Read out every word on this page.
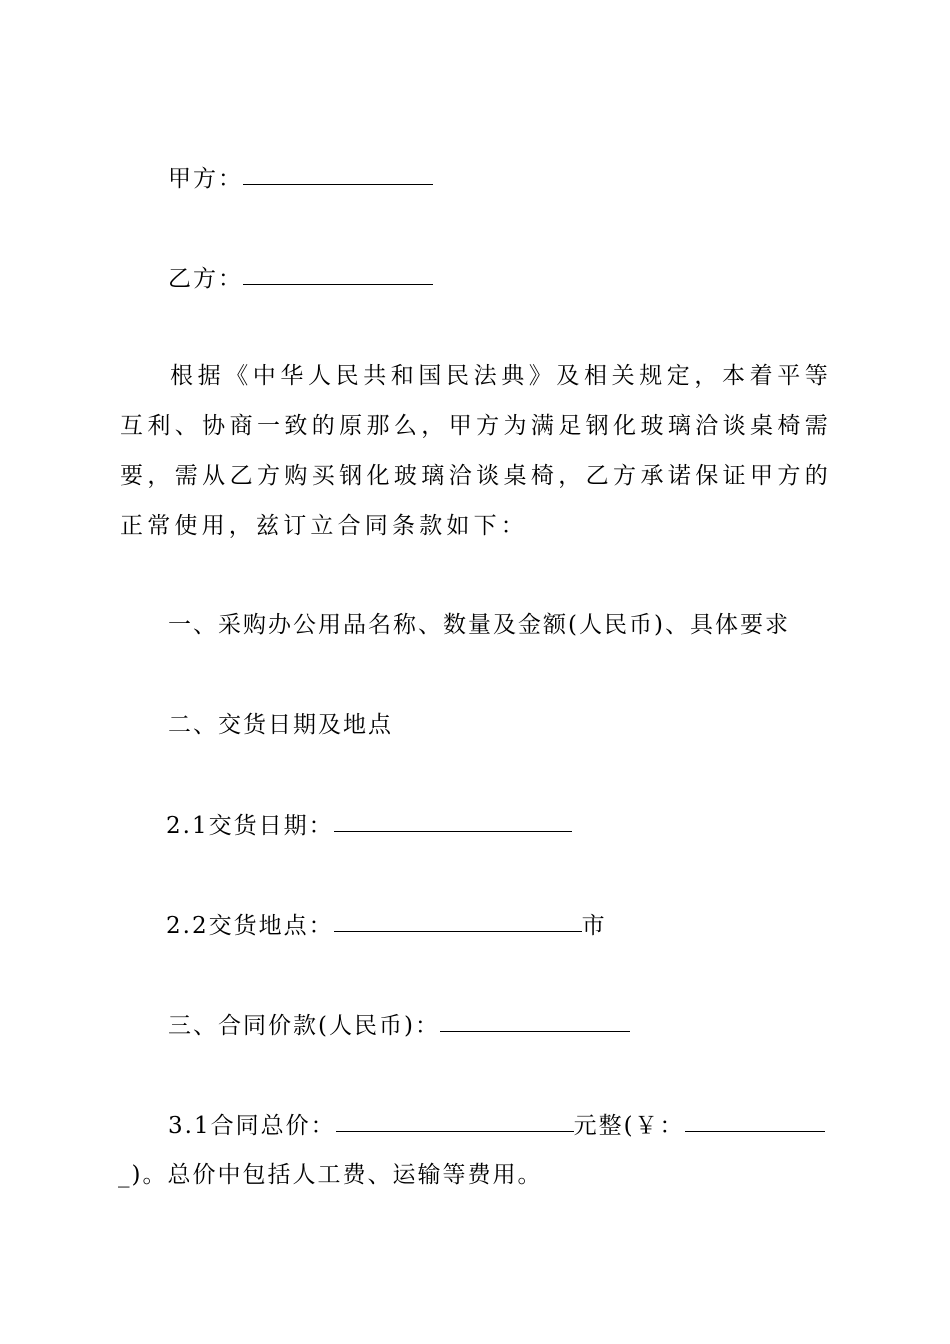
甲方：
乙方：

根据《中华人民共和国民法典》及相关规定，本着平等互利、协商一致的原那么，甲方为满足钢化玻璃洽谈桌椅需要，需从乙方购买钢化玻璃洽谈桌椅，乙方承诺保证甲方的正常使用，兹订立合同条款如下：

一、采购办公用品名称、数量及金额(人民币)、具体要求
二、交货日期及地点
2.1交货日期：
2.2交货地点：	市
三、合同价款(人民币)：
3.1合同总价：	元整(￥：
_)。总价中包括人工费、运输等费用。
